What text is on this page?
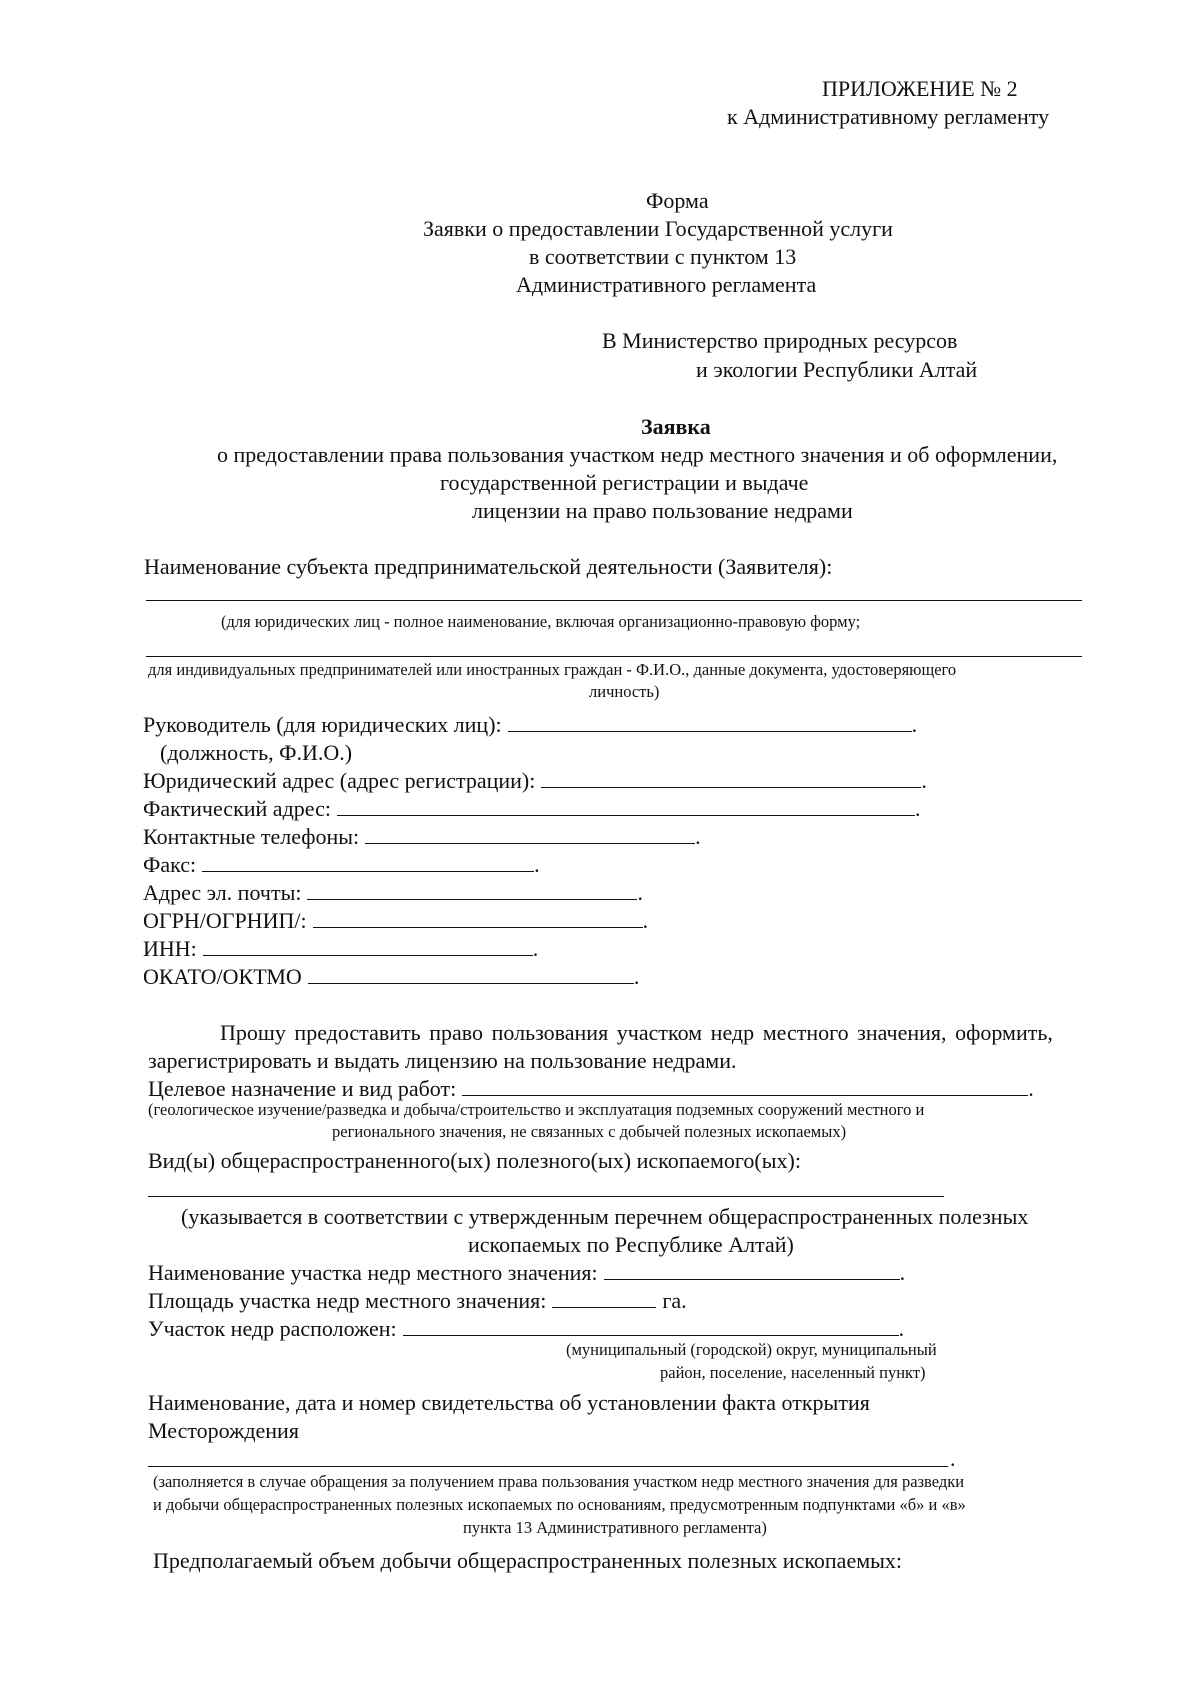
ПРИЛОЖЕНИЕ № 2
к Административному регламенту
Форма
Заявки о предоставлении Государственной услуги
в соответствии с пунктом 13
Административного регламента
В Министерство природных ресурсов
и экологии Республики Алтай
Заявка
о предоставлении права пользования участком недр местного значения и об оформлении,
государственной регистрации и выдаче
лицензии на право пользование недрами
Наименование субъекта предпринимательской деятельности (Заявителя):
(для юридических лиц - полное наименование, включая организационно-правовую форму;
для индивидуальных предпринимателей или иностранных граждан - Ф.И.О., данные документа, удостоверяющего
личность)
Руководитель (для юридических лиц):	.
(должность, Ф.И.О.)
Юридический адрес (адрес регистрации):	.
Фактический адрес:	.
Контактные телефоны:	.
Факс:	.
Адрес эл. почты:	.
ОГРН/ОГРНИП/:	.
ИНН:	.
ОКАТО/ОКТМО	.
Прошу предоставить право пользования участком недр местного значения, оформить,
зарегистрировать и выдать лицензию на пользование недрами.
Целевое назначение и вид работ:	.
(геологическое изучение/разведка и добыча/строительство и эксплуатация подземных сооружений местного и
регионального значения, не связанных с добычей полезных ископаемых)
Вид(ы) общераспространенного(ых) полезного(ых) ископаемого(ых):
(указывается в соответствии с утвержденным перечнем общераспространенных полезных
ископаемых по Республике Алтай)
Наименование участка недр местного значения:	.
Площадь участка недр местного значения:	га.
Участок недр расположен:	.
(муниципальный (городской) округ, муниципальный
район, поселение, населенный пункт)
Наименование, дата и номер свидетельства об установлении факта открытия
Месторождения
.
(заполняется в случае обращения за получением права пользования участком недр местного значения для разведки
и добычи общераспространенных полезных ископаемых по основаниям, предусмотренным подпунктами «б» и «в»
пункта 13 Административного регламента)
Предполагаемый объем добычи общераспространенных полезных ископаемых:
